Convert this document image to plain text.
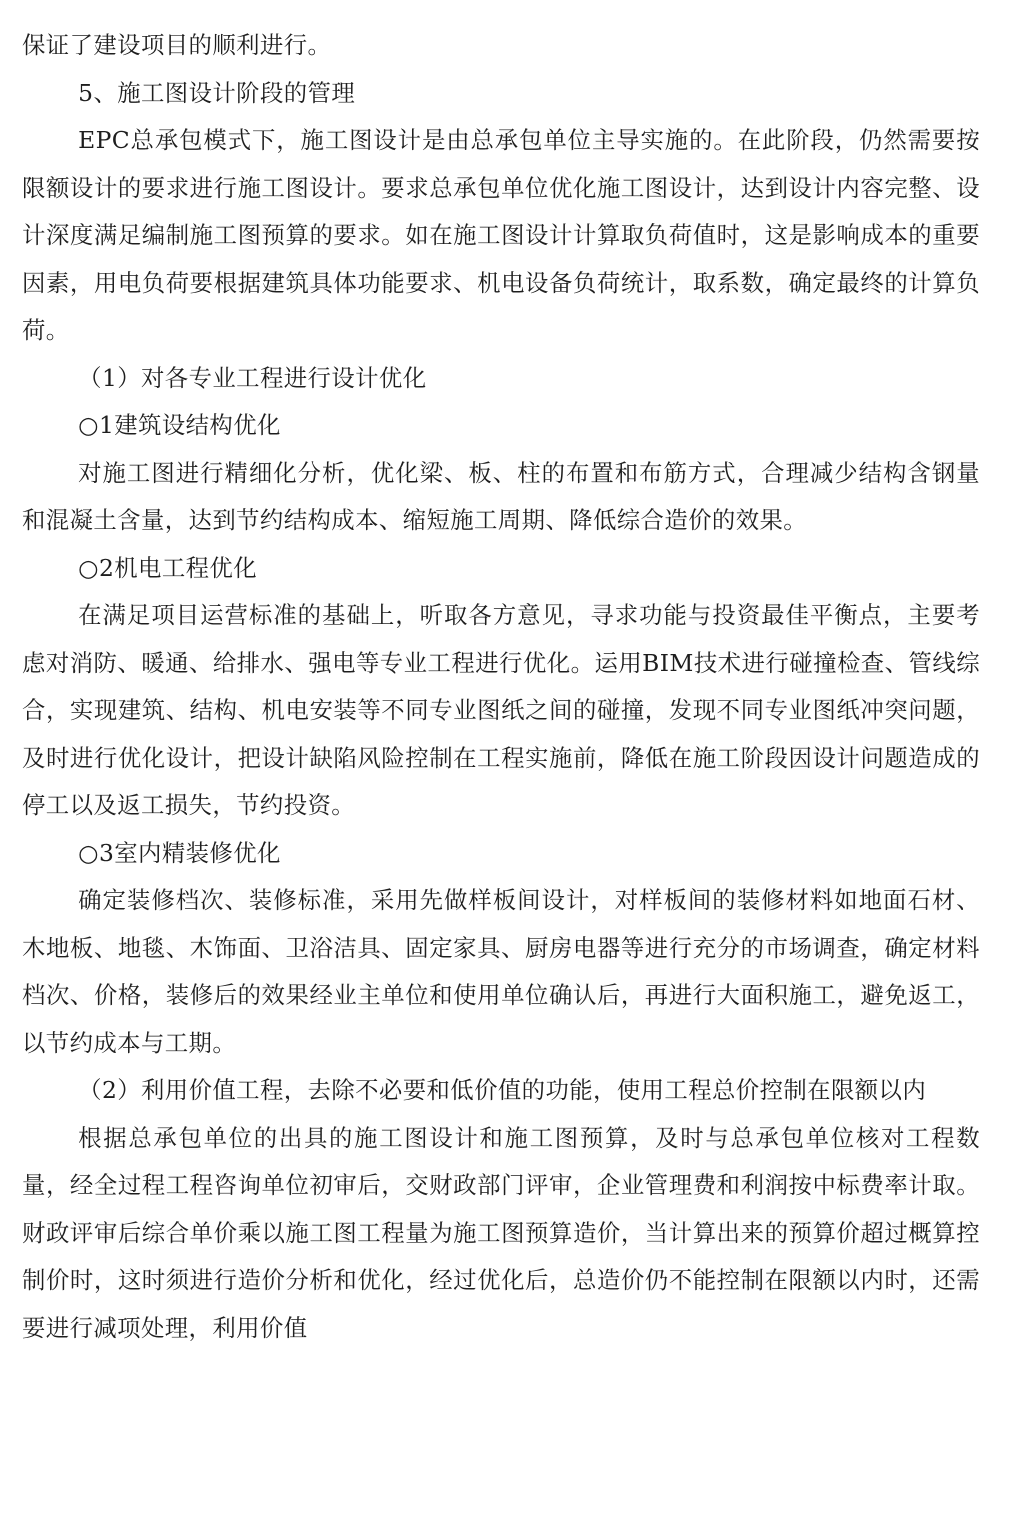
保证了建设项目的顺利进行。

5、施工图设计阶段的管理

EPC总承包模式下，施工图设计是由总承包单位主导实施的。在此阶段，仍然需要按限额设计的要求进行施工图设计。要求总承包单位优化施工图设计，达到设计内容完整、设计深度满足编制施工图预算的要求。如在施工图设计计算取负荷值时，这是影响成本的重要因素，用电负荷要根据建筑具体功能要求、机电设备负荷统计，取系数，确定最终的计算负荷。

（1）对各专业工程进行设计优化

○1建筑设结构优化

对施工图进行精细化分析，优化梁、板、柱的布置和布筋方式，合理减少结构含钢量和混凝土含量，达到节约结构成本、缩短施工周期、降低综合造价的效果。

○2机电工程优化

在满足项目运营标准的基础上，听取各方意见，寻求功能与投资最佳平衡点，主要考虑对消防、暖通、给排水、强电等专业工程进行优化。运用BIM技术进行碰撞检查、管线综合，实现建筑、结构、机电安装等不同专业图纸之间的碰撞，发现不同专业图纸冲突问题，及时进行优化设计，把设计缺陷风险控制在工程实施前，降低在施工阶段因设计问题造成的停工以及返工损失，节约投资。

○3室内精装修优化

确定装修档次、装修标准，采用先做样板间设计，对样板间的装修材料如地面石材、木地板、地毯、木饰面、卫浴洁具、固定家具、厨房电器等进行充分的市场调查，确定材料档次、价格，装修后的效果经业主单位和使用单位确认后，再进行大面积施工，避免返工，以节约成本与工期。

（2）利用价值工程，去除不必要和低价值的功能，使用工程总价控制在限额以内

根据总承包单位的出具的施工图设计和施工图预算，及时与总承包单位核对工程数量，经全过程工程咨询单位初审后，交财政部门评审，企业管理费和利润按中标费率计取。财政评审后综合单价乘以施工图工程量为施工图预算造价，当计算出来的预算价超过概算控制价时，这时须进行造价分析和优化，经过优化后，总造价仍不能控制在限额以内时，还需要进行减项处理，利用价值
